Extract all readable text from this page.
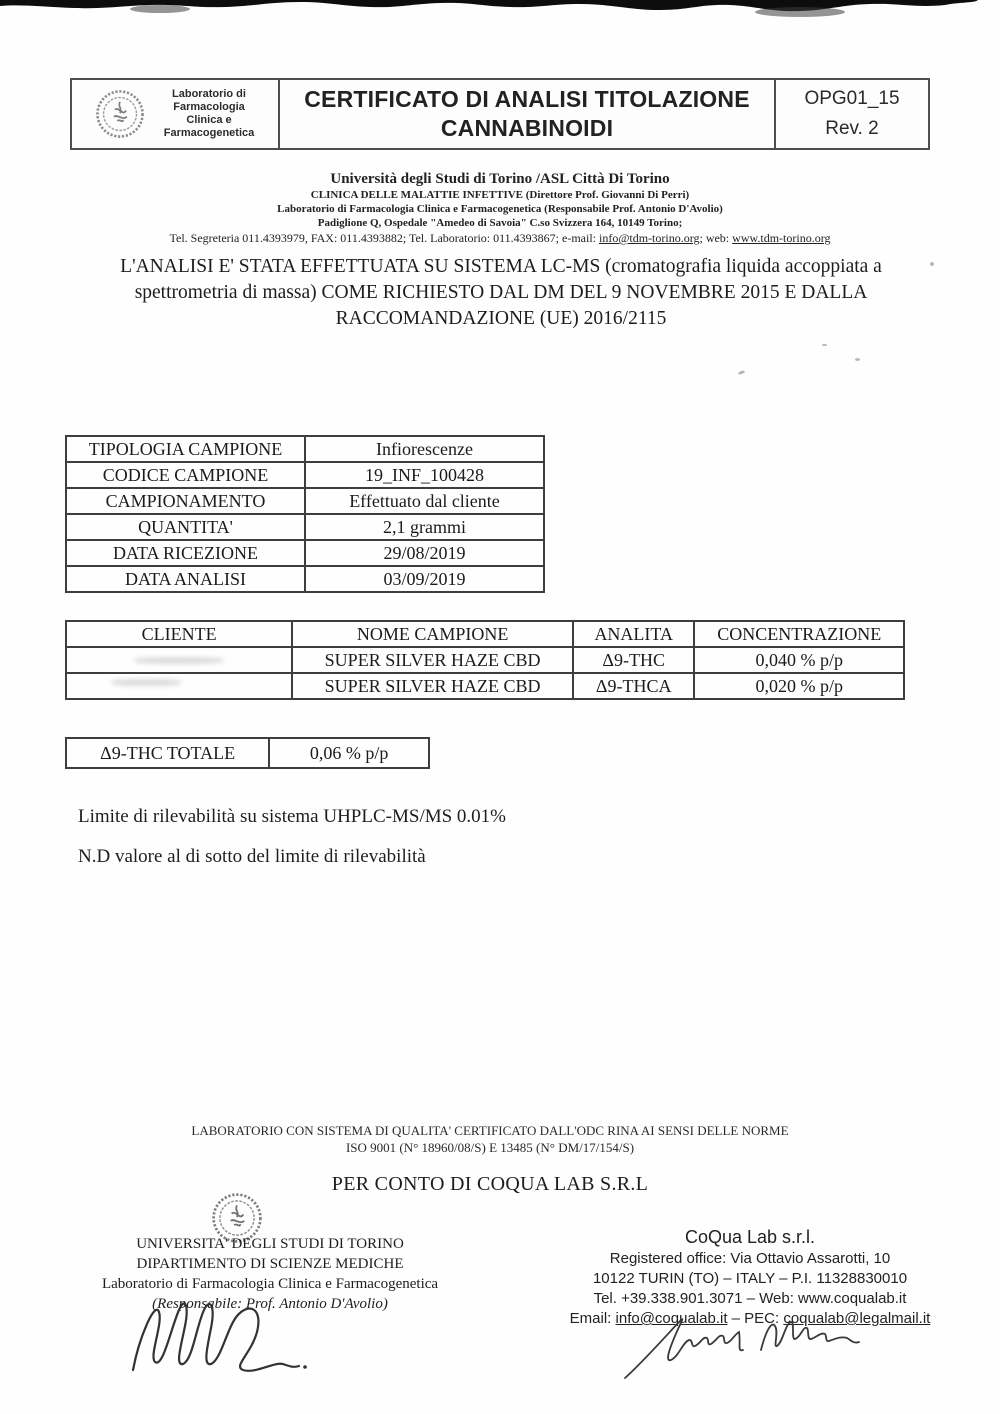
Laboratorio di
Farmacologia
Clinica e
Farmacogenetica
CERTIFICATO DI ANALISI TITOLAZIONE
CANNABINOIDI
OPG01_15
Rev. 2
Università degli Studi di Torino /ASL Città Di Torino
CLINICA DELLE MALATTIE INFETTIVE (Direttore Prof. Giovanni Di Perri)
Laboratorio di Farmacologia Clinica e Farmacogenetica (Responsabile Prof. Antonio D'Avolio)
Padiglione Q, Ospedale "Amedeo di Savoia" C.so Svizzera 164, 10149 Torino;
Tel. Segreteria 011.4393979, FAX: 011.4393882; Tel. Laboratorio: 011.4393867; e-mail: info@tdm-torino.org; web: www.tdm-torino.org
L'ANALISI E' STATA EFFETTUATA SU SISTEMA LC-MS (cromatografia liquida accoppiata a spettrometria di massa) COME RICHIESTO DAL DM DEL 9 NOVEMBRE 2015 E DALLA RACCOMANDAZIONE (UE) 2016/2115
TIPOLOGIA CAMPIONE	Infiorescenze
CODICE CAMPIONE	19_INF_100428
CAMPIONAMENTO	Effettuato dal cliente
QUANTITA'	2,1 grammi
DATA RICEZIONE	29/08/2019
DATA ANALISI	03/09/2019
CLIENTE	NOME CAMPIONE	ANALITA	CONCENTRAZIONE

	SUPER SILVER HAZE CBD	Δ9-THC	0,040 % p/p

	SUPER SILVER HAZE CBD	Δ9-THCA	0,020 % p/p
Δ9-THC TOTALE	0,06 % p/p
Limite di rilevabilità su sistema UHPLC-MS/MS 0.01%
N.D valore al di sotto del limite di rilevabilità
LABORATORIO CON SISTEMA DI QUALITA' CERTIFICATO DALL'ODC RINA AI SENSI DELLE NORME
ISO 9001 (N° 18960/08/S) E 13485 (N° DM/17/154/S)
PER CONTO DI COQUA LAB S.R.L
UNIVERSITA' DEGLI STUDI DI TORINO
DIPARTIMENTO DI SCIENZE MEDICHE
Laboratorio di Farmacologia Clinica e Farmacogenetica
(Responsabile: Prof. Antonio D'Avolio)
CoQua Lab s.r.l.
Registered office: Via Ottavio Assarotti, 10
10122 TURIN (TO) – ITALY – P.I. 11328830010
Tel. +39.338.901.3071 – Web: www.coqualab.it
Email: info@coqualab.it – PEC: coqualab@legalmail.it
